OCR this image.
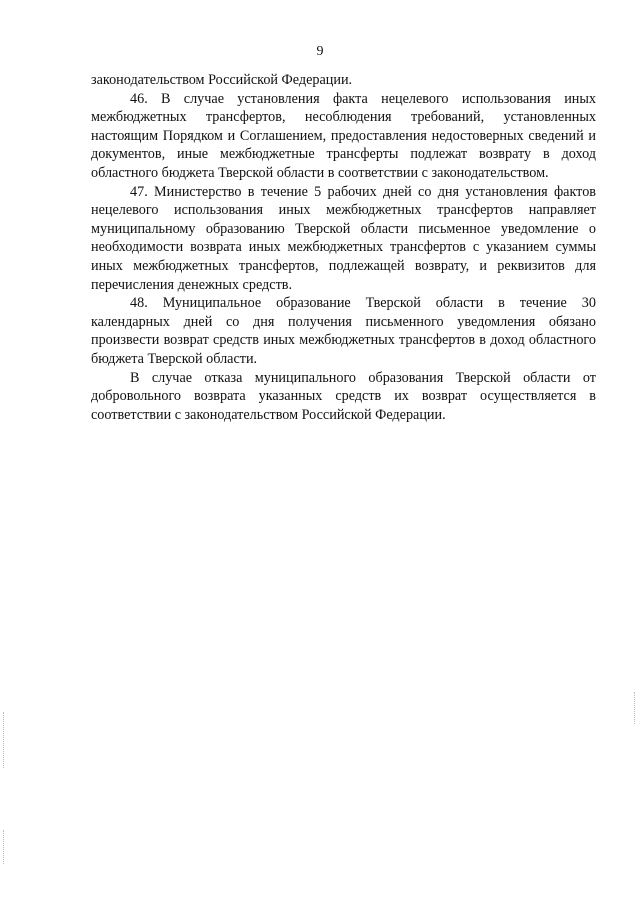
9

законодательством Российской Федерации.

46. В случае установления факта нецелевого использования иных межбюджетных трансфертов, несоблюдения требований, установленных настоящим Порядком и Соглашением, предоставления недостоверных сведений и документов, иные межбюджетные трансферты подлежат возврату в доход областного бюджета Тверской области в соответствии с законодательством.

47. Министерство в течение 5 рабочих дней со дня установления фактов нецелевого использования иных межбюджетных трансфертов направляет муниципальному образованию Тверской области письменное уведомление о необходимости возврата иных межбюджетных трансфертов с указанием суммы иных межбюджетных трансфертов, подлежащей возврату, и реквизитов для перечисления денежных средств.

48. Муниципальное образование Тверской области в течение 30 календарных дней со дня получения письменного уведомления обязано произвести возврат средств иных межбюджетных трансфертов в доход областного бюджета Тверской области.

В случае отказа муниципального образования Тверской области от добровольного возврата указанных средств их возврат осуществляется в соответствии с законодательством Российской Федерации.
